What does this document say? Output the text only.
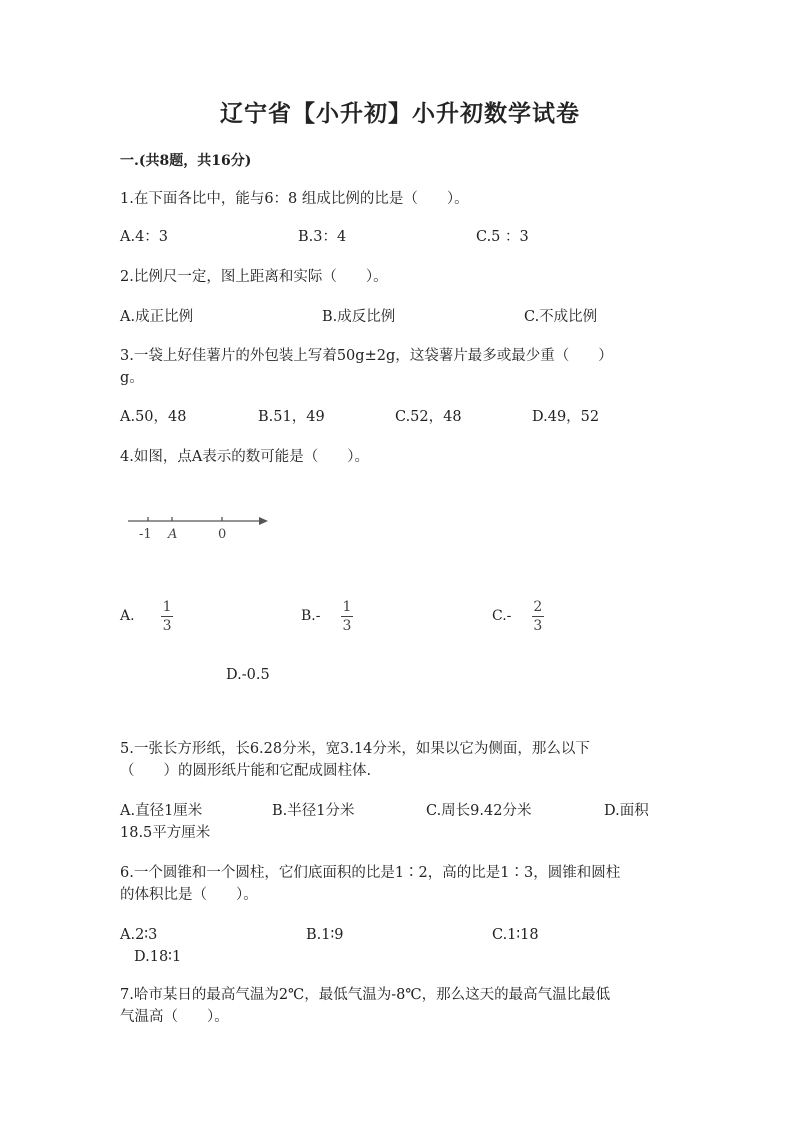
辽宁省【小升初】小升初数学试卷
一.(共8题，共16分)
1.在下面各比中，能与6：8 组成比例的比是（　　）。
A.4：3	B.3：4	C.5 ：3
2.比例尺一定，图上距离和实际（　　）。
A.成正比例	B.成反比例	C.不成比例
3.一袋上好佳薯片的外包装上写着50g±2g，这袋薯片最多或最少重（　　）
g。
A.50，48	B.51，49	C.52，48	D.49，52
4.如图，点A表示的数可能是（　　）。
-1 A	0
A. $\frac{1}{3}$	$B.- \frac{1}{3}$	$C.- \frac{2}{3}$
D.-0.5
5.一张长方形纸，长6.28分米，宽3.14分米，如果以它为侧面，那么以下
（　　）的圆形纸片能和它配成圆柱体.
A.直径1厘米	B.半径1分米	C.周长9.42分米	D.面积
18.5平方厘米
6.一个圆锥和一个圆柱，它们底面积的比是1∶2，高的比是1∶3，圆锥和圆柱
的体积比是（　　）。
A.2∶3	B.1∶9	C.1∶18
D.18∶1
7.哈市某日的最高气温为2℃，最低气温为-8℃，那么这天的最高气温比最低
气温高（　　）。
